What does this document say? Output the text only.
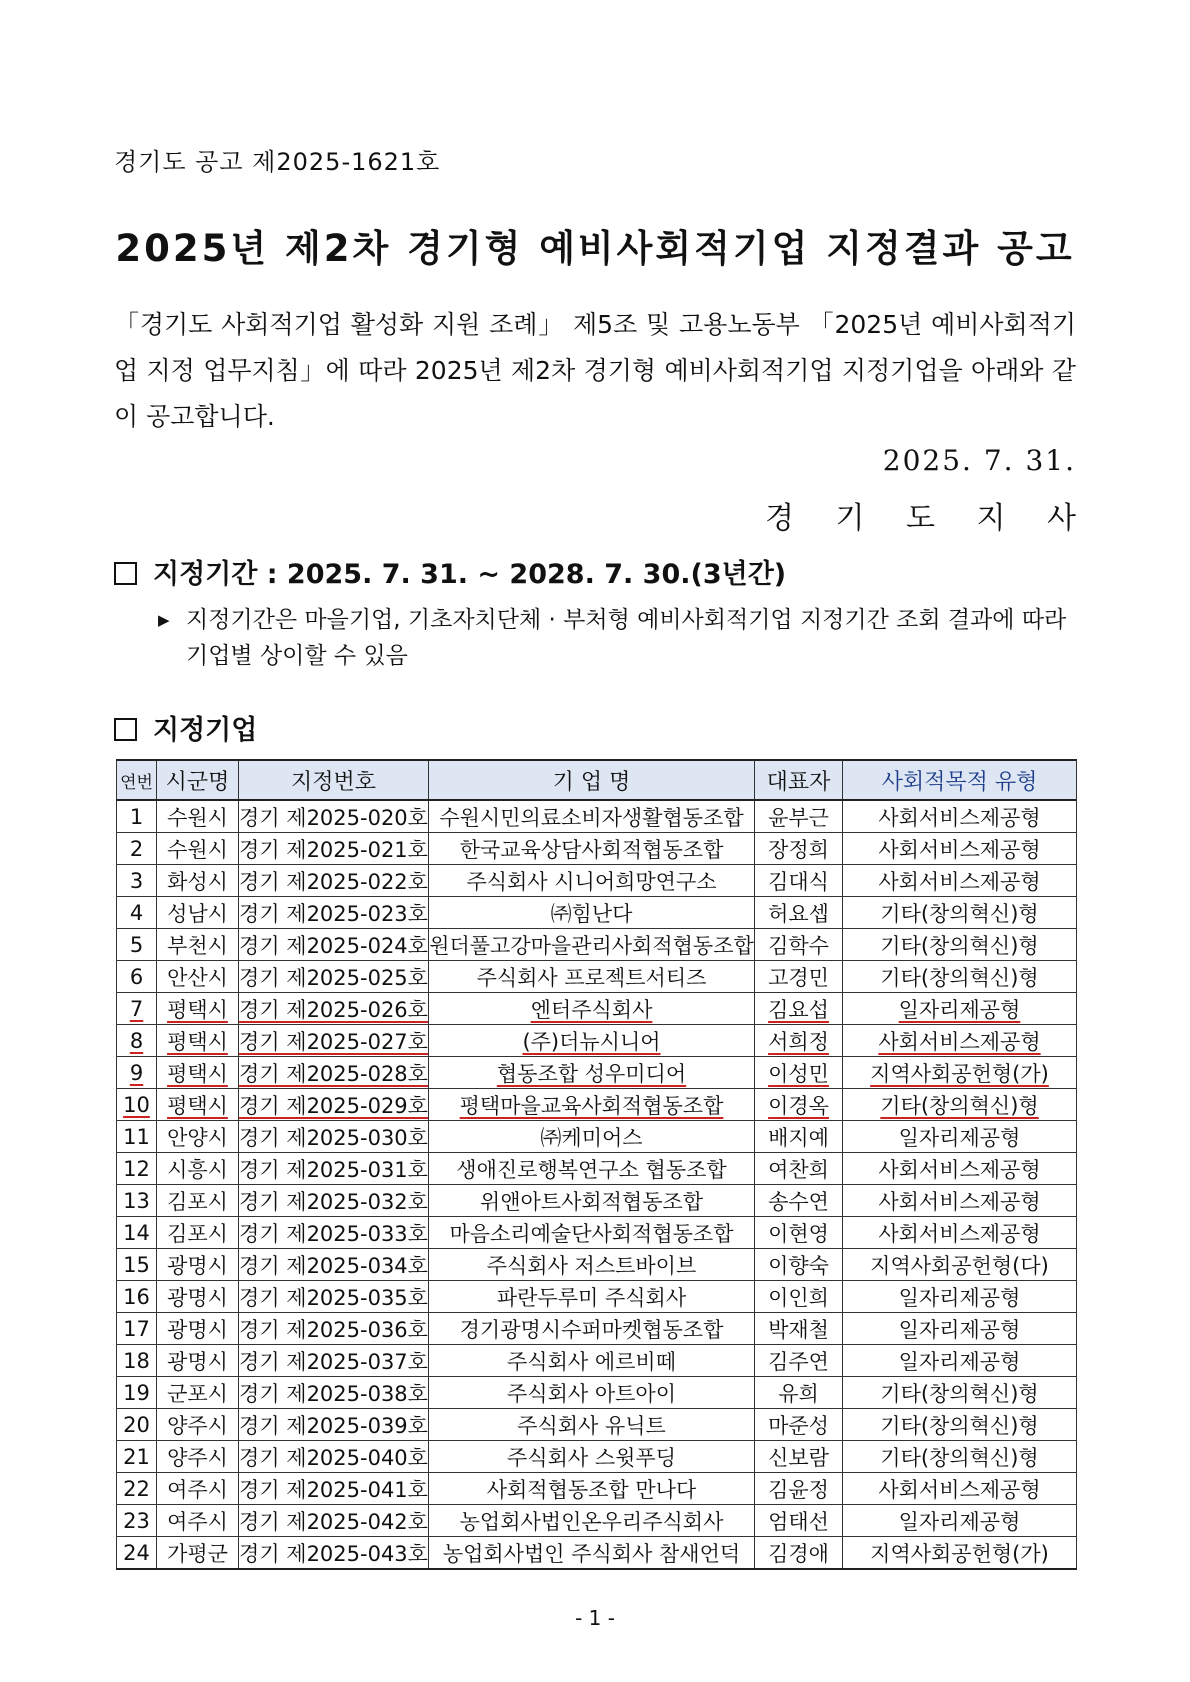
경기도 공고 제2025-1621호
2025년 제2차 경기형 예비사회적기업 지정결과 공고
「경기도 사회적기업 활성화 지원 조례」 제5조 및 고용노동부 「2025년 예비사회적기업 지정 업무지침」에 따라 2025년 제2차 경기형 예비사회적기업 지정기업을 아래와 같이 공고합니다.
2025. 7. 31.
경 기 도 지 사
지정기간 : 2025. 7. 31. ~ 2028. 7. 30.(3년간)
▶ 지정기간은 마을기업, 기초자치단체 · 부처형 예비사회적기업 지정기간 조회 결과에 따라 기업별 상이할 수 있음
지정기업
연번	시군명	지정번호	기 업 명	대표자	사회적목적 유형
1	수원시	경기 제2025-020호	수원시민의료소비자생활협동조합	윤부근	사회서비스제공형
2	수원시	경기 제2025-021호	한국교육상담사회적협동조합	장정희	사회서비스제공형
3	화성시	경기 제2025-022호	주식회사 시니어희망연구소	김대식	사회서비스제공형
4	성남시	경기 제2025-023호	㈜힘난다	허요셉	기타(창의혁신)형
5	부천시	경기 제2025-024호	원더풀고강마을관리사회적협동조합	김학수	기타(창의혁신)형
6	안산시	경기 제2025-025호	주식회사 프로젝트서티즈	고경민	기타(창의혁신)형
7	평택시	경기 제2025-026호	엔터주식회사	김요섭	일자리제공형
8	평택시	경기 제2025-027호	(주)더뉴시니어	서희정	사회서비스제공형
9	평택시	경기 제2025-028호	협동조합 성우미디어	이성민	지역사회공헌형(가)
10	평택시	경기 제2025-029호	평택마을교육사회적협동조합	이경옥	기타(창의혁신)형
11	안양시	경기 제2025-030호	㈜케미어스	배지예	일자리제공형
12	시흥시	경기 제2025-031호	생애진로행복연구소 협동조합	여찬희	사회서비스제공형
13	김포시	경기 제2025-032호	위앤아트사회적협동조합	송수연	사회서비스제공형
14	김포시	경기 제2025-033호	마음소리예술단사회적협동조합	이현영	사회서비스제공형
15	광명시	경기 제2025-034호	주식회사 저스트바이브	이향숙	지역사회공헌형(다)
16	광명시	경기 제2025-035호	파란두루미 주식회사	이인희	일자리제공형
17	광명시	경기 제2025-036호	경기광명시수퍼마켓협동조합	박재철	일자리제공형
18	광명시	경기 제2025-037호	주식회사 에르비떼	김주연	일자리제공형
19	군포시	경기 제2025-038호	주식회사 아트아이	유희	기타(창의혁신)형
20	양주시	경기 제2025-039호	주식회사 유닉트	마준성	기타(창의혁신)형
21	양주시	경기 제2025-040호	주식회사 스윗푸딩	신보람	기타(창의혁신)형
22	여주시	경기 제2025-041호	사회적협동조합 만나다	김윤정	사회서비스제공형
23	여주시	경기 제2025-042호	농업회사법인온우리주식회사	엄태선	일자리제공형
24	가평군	경기 제2025-043호	농업회사법인 주식회사 참새언덕	김경애	지역사회공헌형(가)
- 1 -
